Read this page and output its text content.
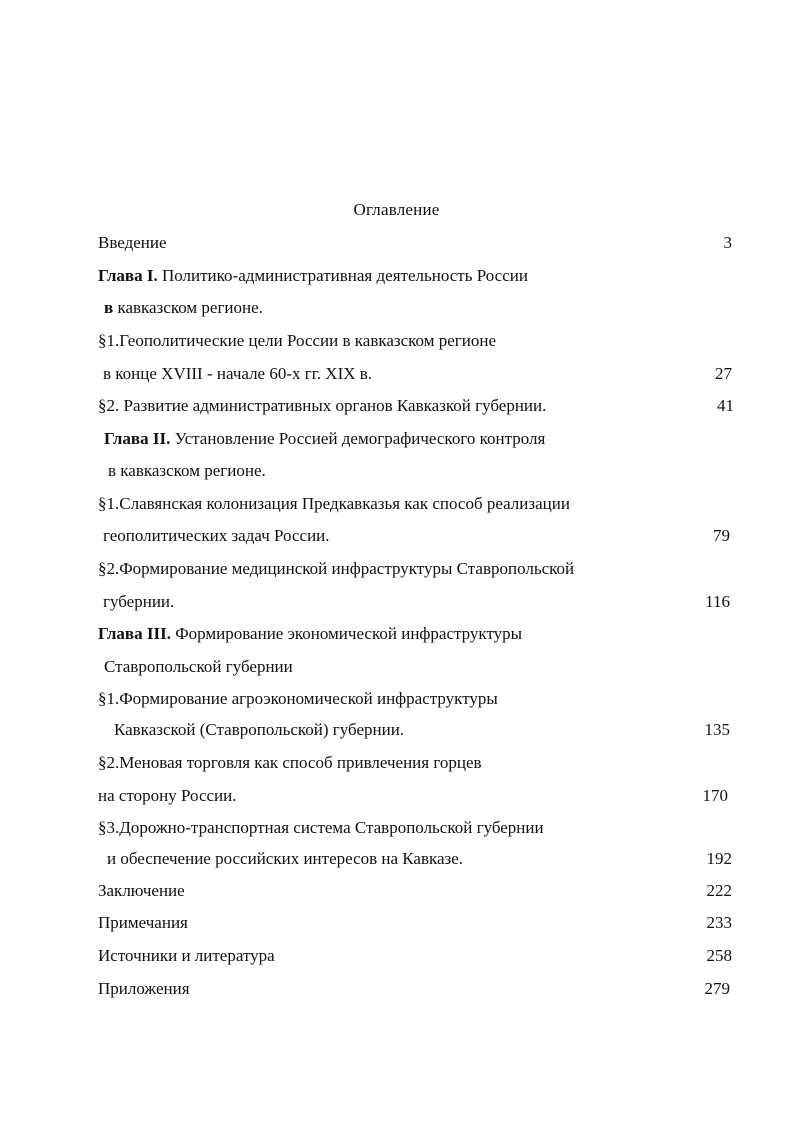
Оглавление
Введение	3
Глава I. Политико-административная деятельность России
в кавказском регионе.
§1.Геополитические цели России в кавказском регионе
в конце XVIII - начале 60-х гг. XIX в.	27
§2. Развитие административных органов Кавказкой губернии.	41
Глава II. Установление Россией демографического контроля
в кавказском регионе.
§1.Славянская колонизация Предкавказья как способ реализации
геополитических задач России.	79
§2.Формирование медицинской инфраструктуры Ставропольской
губернии.	116
Глава III. Формирование экономической инфраструктуры
Ставропольской губернии
§1.Формирование агроэкономической инфраструктуры
Кавказской (Ставропольской) губернии.	135
§2.Меновая торговля как способ привлечения горцев
на сторону России.	170
§3.Дорожно-транспортная система Ставропольской губернии
и обеспечение российских интересов на Кавказе.	192
Заключение	222
Примечания	233
Источники и литература	258
Приложения	279
